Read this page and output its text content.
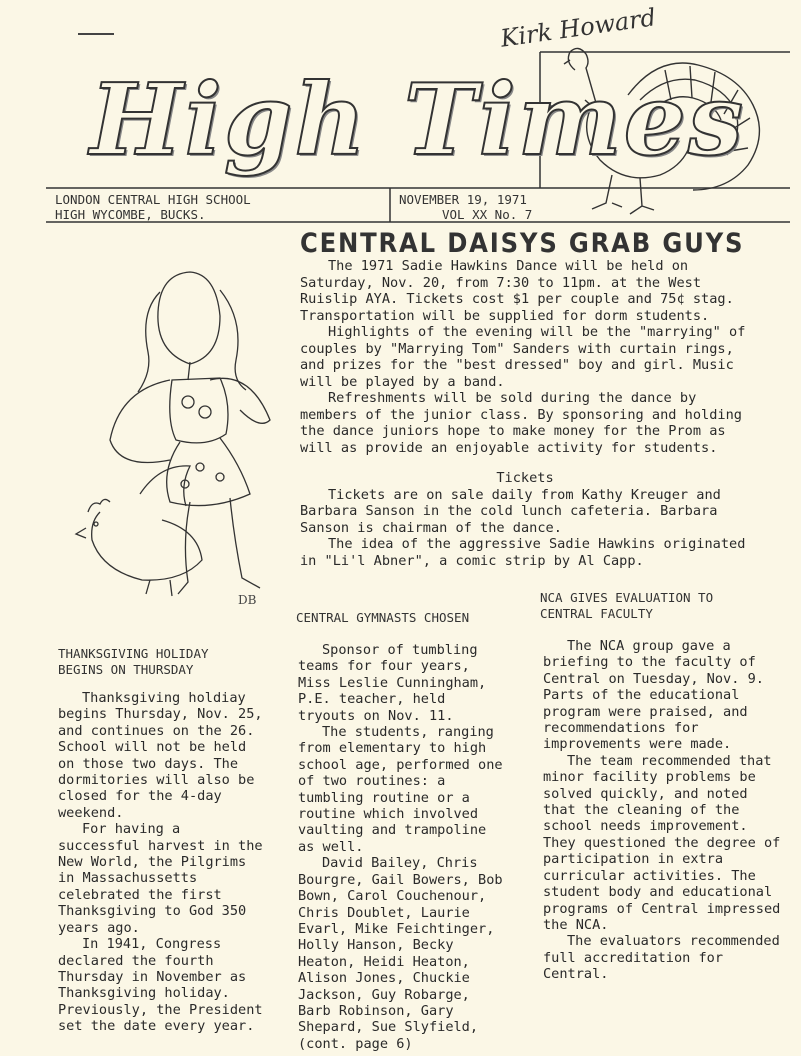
Kirk Howard
DB
High Times
LONDON CENTRAL HIGH SCHOOL
HIGH WYCOMBE, BUCKS.
NOVEMBER 19, 1971
VOL XX No. 7
CENTRAL DAISYS GRAB GUYS

The 1971 Sadie Hawkins Dance will be held on Saturday, Nov. 20, from 7:30 to 11pm. at the West Ruislip AYA. Tickets cost $1 per couple and 75¢ stag. Transportation will be supplied for dorm students.

Highlights of the evening will be the "marrying" of couples by "Marrying Tom" Sanders with curtain rings, and prizes for the "best dressed" boy and girl. Music will be played by a band.

Refreshments will be sold during the dance by members of the junior class. By sponsoring and holding the dance juniors hope to make money for the Prom as will as provide an enjoyable activity for students.

Tickets

Tickets are on sale daily from Kathy Kreuger and Barbara Sanson in the cold lunch cafeteria. Barbara Sanson is chairman of the dance.

The idea of the aggressive Sadie Hawkins originated in "Li'l Abner", a comic strip by Al Capp.

THANKSGIVING HOLIDAY
BEGINS ON THURSDAY

Thanksgiving holdiay begins Thursday, Nov. 25, and continues on the 26. School will not be held on those two days. The dormitories will also be closed for the 4-day weekend.

For having a successful harvest in the New World, the Pilgrims in Massachussetts celebrated the first Thanksgiving to God 350 years ago.

In 1941, Congress declared the fourth Thursday in November as Thanksgiving holiday. Previously, the President set the date every year.

CENTRAL GYMNASTS CHOSEN

Sponsor of tumbling teams for four years, Miss Leslie Cunningham, P.E. teacher, held tryouts on Nov. 11.

The students, ranging from elementary to high school age, performed one of two routines: a tumbling routine or a routine which involved vaulting and trampoline as well.

David Bailey, Chris Bourgre, Gail Bowers, Bob Bown, Carol Couchenour, Chris Doublet, Laurie Evarl, Mike Feichtinger, Holly Hanson, Becky Heaton, Heidi Heaton, Alison Jones, Chuckie Jackson, Guy Robarge, Barb Robinson, Gary Shepard, Sue Slyfield, (cont. page 6)

NCA GIVES EVALUATION TO
CENTRAL FACULTY

The NCA group gave a briefing to the faculty of Central on Tuesday, Nov. 9. Parts of the educational program were praised, and recommendations for improvements were made.

The team recommended that minor facility problems be solved quickly, and noted that the cleaning of the school needs improvement. They questioned the degree of participation in extra curricular activities. The student body and educational programs of Central impressed the NCA.

The evaluators recommended full accreditation for Central.
